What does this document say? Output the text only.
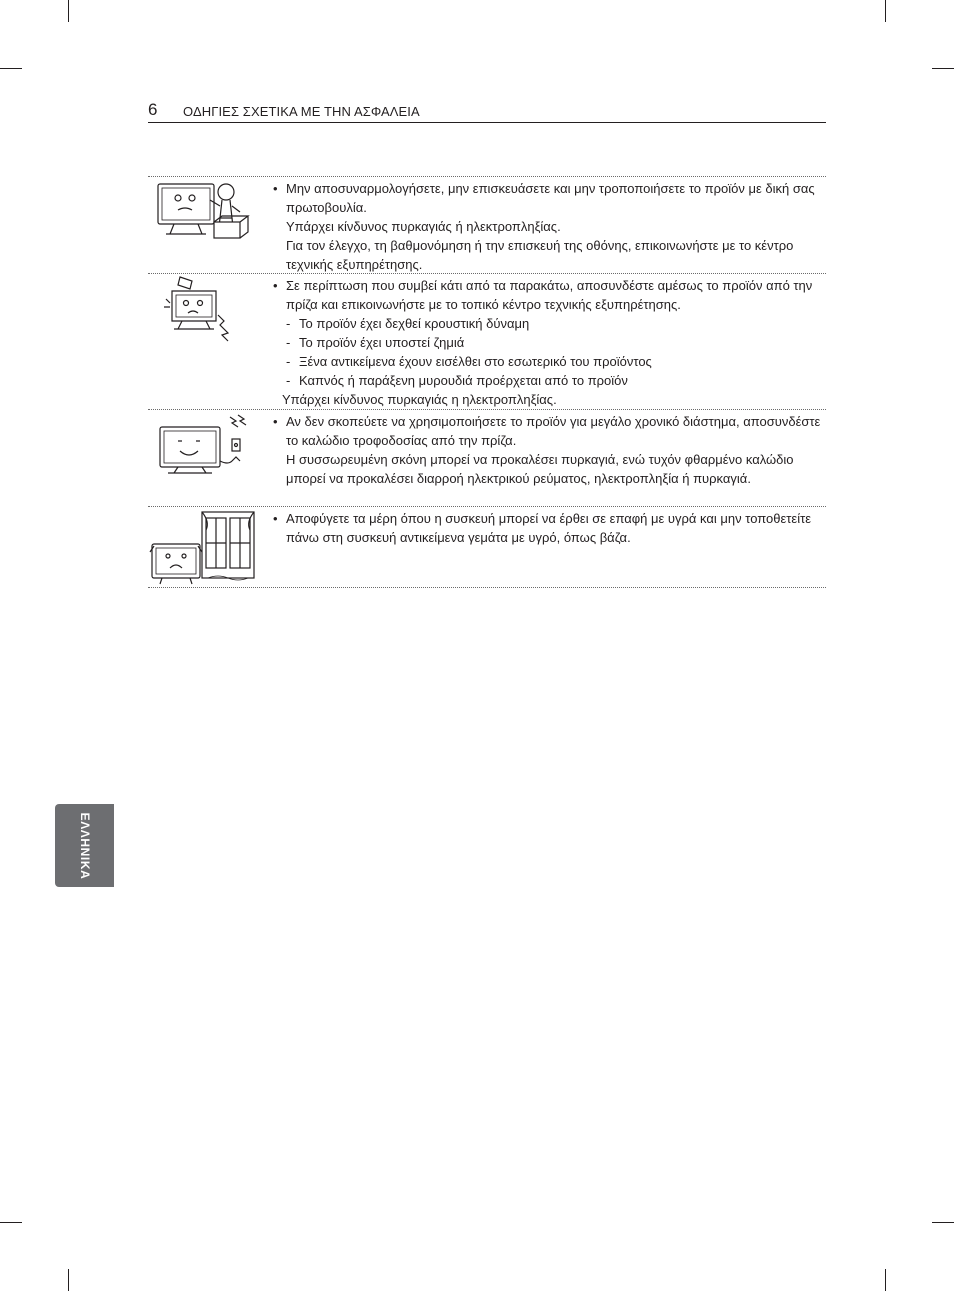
6 ΟΔΗΓΙΕΣ ΣΧΕΤΙΚΑ ΜΕ ΤΗΝ ΑΣΦΑΛΕΙΑ
• Μην αποσυναρμολογήσετε, μην επισκευάσετε και μην τροποποιήσετε το προϊόν με δική σας πρωτοβουλία.
Υπάρχει κίνδυνος πυρκαγιάς ή ηλεκτροπληξίας.
Για τον έλεγχο, τη βαθμονόμηση ή την επισκευή της οθόνης, επικοινωνήστε με το κέντρο τεχνικής εξυπηρέτησης.
• Σε περίπτωση που συμβεί κάτι από τα παρακάτω, αποσυνδέστε αμέσως το προϊόν από την πρίζα και επικοινωνήστε με το τοπικό κέντρο τεχνικής εξυπηρέτησης.
- Το προϊόν έχει δεχθεί κρουστική δύναμη
- Το προϊόν έχει υποστεί ζημιά
- Ξένα αντικείμενα έχουν εισέλθει στο εσωτερικό του προϊόντος
- Καπνός ή παράξενη μυρουδιά προέρχεται από το προϊόν
Υπάρχει κίνδυνος πυρκαγιάς η ηλεκτροπληξίας.
• Αν δεν σκοπεύετε να χρησιμοποιήσετε το προϊόν για μεγάλο χρονικό διάστημα, αποσυνδέστε το καλώδιο τροφοδοσίας από την πρίζα.
Η συσσωρευμένη σκόνη μπορεί να προκαλέσει πυρκαγιά, ενώ τυχόν φθαρμένο καλώδιο μπορεί να προκαλέσει διαρροή ηλεκτρικού ρεύματος, ηλεκτροπληξία ή πυρκαγιά.
• Αποφύγετε τα μέρη όπου η συσκευή μπορεί να έρθει σε επαφή με υγρά και μην τοποθετείτε πάνω στη συσκευή αντικείμενα γεμάτα με υγρό, όπως βάζα.
ΕΛΛΗΝΙΚΑ
